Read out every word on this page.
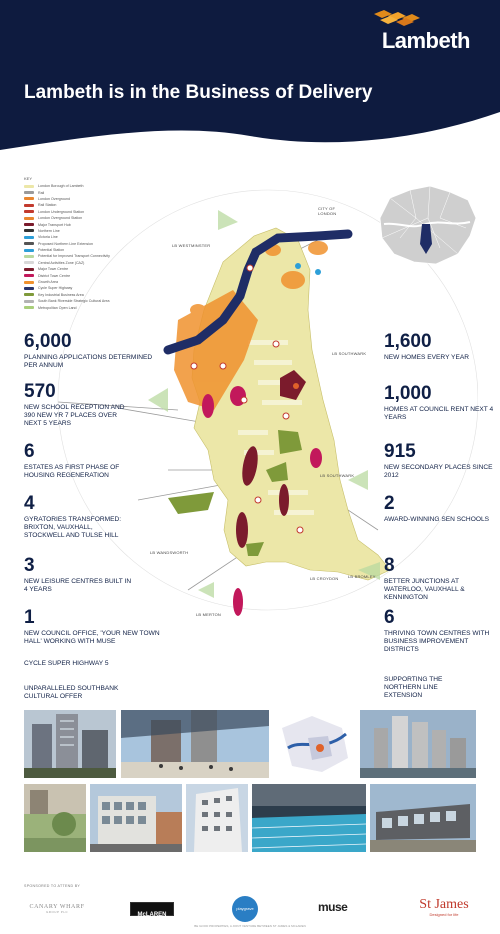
Lambeth
Lambeth is in the Business of Delivery
KEY
London Borough of Lambeth
Rail
London Overground
Rail Station
London Underground Station
London Overground Station
Major Transport Hub
Northern Line
Victoria Line
Proposed Northern Line Extension
Potential Station
Potential for Improved Transport Connectivity
Central Activities Zone (CAZ)
Major Town Centre
District Town Centre
Growth Area
Cycle Super Highway
Key Industrial Business Area
South Bank Riverside Strategic Cultural Area
Metropolitan Open Land
LB WESTMINSTER
CITY OF LONDON
LB SOUTHWARK
LB SOUTHWARK
LB WANDSWORTH
LB CROYDON LB BROMLEY
LB MERTON
6,000
PLANNING APPLICATIONS DETERMINED PER ANNUM
570
NEW SCHOOL RECEPTION AND 390 NEW YR 7 PLACES OVER NEXT 5 YEARS
6
ESTATES AS FIRST PHASE OF HOUSING REGENERATION
4
GYRATORIES TRANSFORMED: BRIXTON, VAUXHALL, STOCKWELL AND TULSE HILL
3
NEW LEISURE CENTRES BUILT IN 4 YEARS
1
NEW COUNCIL OFFICE, 'YOUR NEW TOWN HALL' WORKING WITH MUSE
CYCLE SUPER HIGHWAY 5
UNPARALLELED SOUTHBANK CULTURAL OFFER
1,600
NEW HOMES EVERY YEAR
1,000
HOMES AT COUNCIL RENT NEXT 4 YEARS
915
NEW SECONDARY PLACES SINCE 2012
2
AWARD-WINNING SEN SCHOOLS
8
BETTER JUNCTIONS AT WATERLOO, VAUXHALL & KENNINGTON
6
THRIVING TOWN CENTRES WITH BUSINESS IMPROVEMENT DISTRICTS
SUPPORTING THE NORTHERN LINE EXTENSION
SPONSORED TO ATTEND BY
CANARY WHARF
GROUP PLC	McLAREN
playgrave	muse	St James
Designed for life
BE GOOD PROPERTIES, A JOINT VENTURE BETWEEN ST JAMES & MCLAREN
